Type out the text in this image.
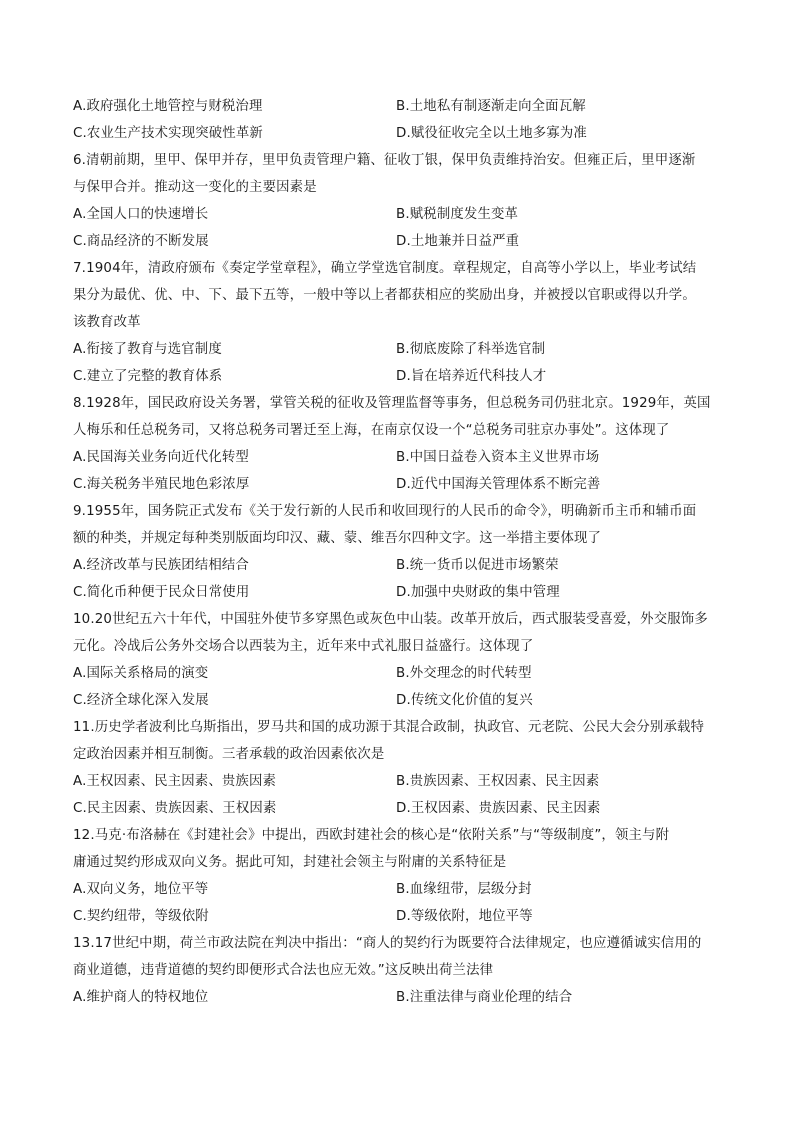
A.政府强化土地管控与财税治理	B.土地私有制逐渐走向全面瓦解
C.农业生产技术实现突破性革新	D.赋役征收完全以土地多寡为准
6.清朝前期，里甲、保甲并存，里甲负责管理户籍、征收丁银，保甲负责维持治安。但雍正后，里甲逐渐
与保甲合并。推动这一变化的主要因素是
A.全国人口的快速增长	B.赋税制度发生变革
C.商品经济的不断发展	D.土地兼并日益严重
7.1904年，清政府颁布《奏定学堂章程》，确立学堂选官制度。章程规定，自高等小学以上，毕业考试结
果分为最优、优、中、下、最下五等，一般中等以上者都获相应的奖励出身，并被授以官职或得以升学。
该教育改革
A.衔接了教育与选官制度	B.彻底废除了科举选官制
C.建立了完整的教育体系	D.旨在培养近代科技人才
8.1928年，国民政府设关务署，掌管关税的征收及管理监督等事务，但总税务司仍驻北京。1929年，英国
人梅乐和任总税务司，又将总税务司署迁至上海，在南京仅设一个“总税务司驻京办事处”。这体现了
A.民国海关业务向近代化转型	B.中国日益卷入资本主义世界市场
C.海关税务半殖民地色彩浓厚	D.近代中国海关管理体系不断完善
9.1955年，国务院正式发布《关于发行新的人民币和收回现行的人民币的命令》，明确新币主币和辅币面
额的种类，并规定每种类别版面均印汉、藏、蒙、维吾尔四种文字。这一举措主要体现了
A.经济改革与民族团结相结合	B.统一货币以促进市场繁荣
C.简化币种便于民众日常使用	D.加强中央财政的集中管理
10.20世纪五六十年代，中国驻外使节多穿黑色或灰色中山装。改革开放后，西式服装受喜爱，外交服饰多
元化。冷战后公务外交场合以西装为主，近年来中式礼服日益盛行。这体现了
A.国际关系格局的演变	B.外交理念的时代转型
C.经济全球化深入发展	D.传统文化价值的复兴
11.历史学者波利比乌斯指出，罗马共和国的成功源于其混合政制，执政官、元老院、公民大会分别承载特
定政治因素并相互制衡。三者承载的政治因素依次是
A.王权因素、民主因素、贵族因素	B.贵族因素、王权因素、民主因素
C.民主因素、贵族因素、王权因素	D.王权因素、贵族因素、民主因素
12.马克·布洛赫在《封建社会》中提出，西欧封建社会的核心是“依附关系”与“等级制度”，领主与附
庸通过契约形成双向义务。据此可知，封建社会领主与附庸的关系特征是
A.双向义务，地位平等	B.血缘纽带，层级分封
C.契约纽带，等级依附	D.等级依附，地位平等
13.17世纪中期，荷兰市政法院在判决中指出：“商人的契约行为既要符合法律规定，也应遵循诚实信用的
商业道德，违背道德的契约即便形式合法也应无效。”这反映出荷兰法律
A.维护商人的特权地位	B.注重法律与商业伦理的结合
